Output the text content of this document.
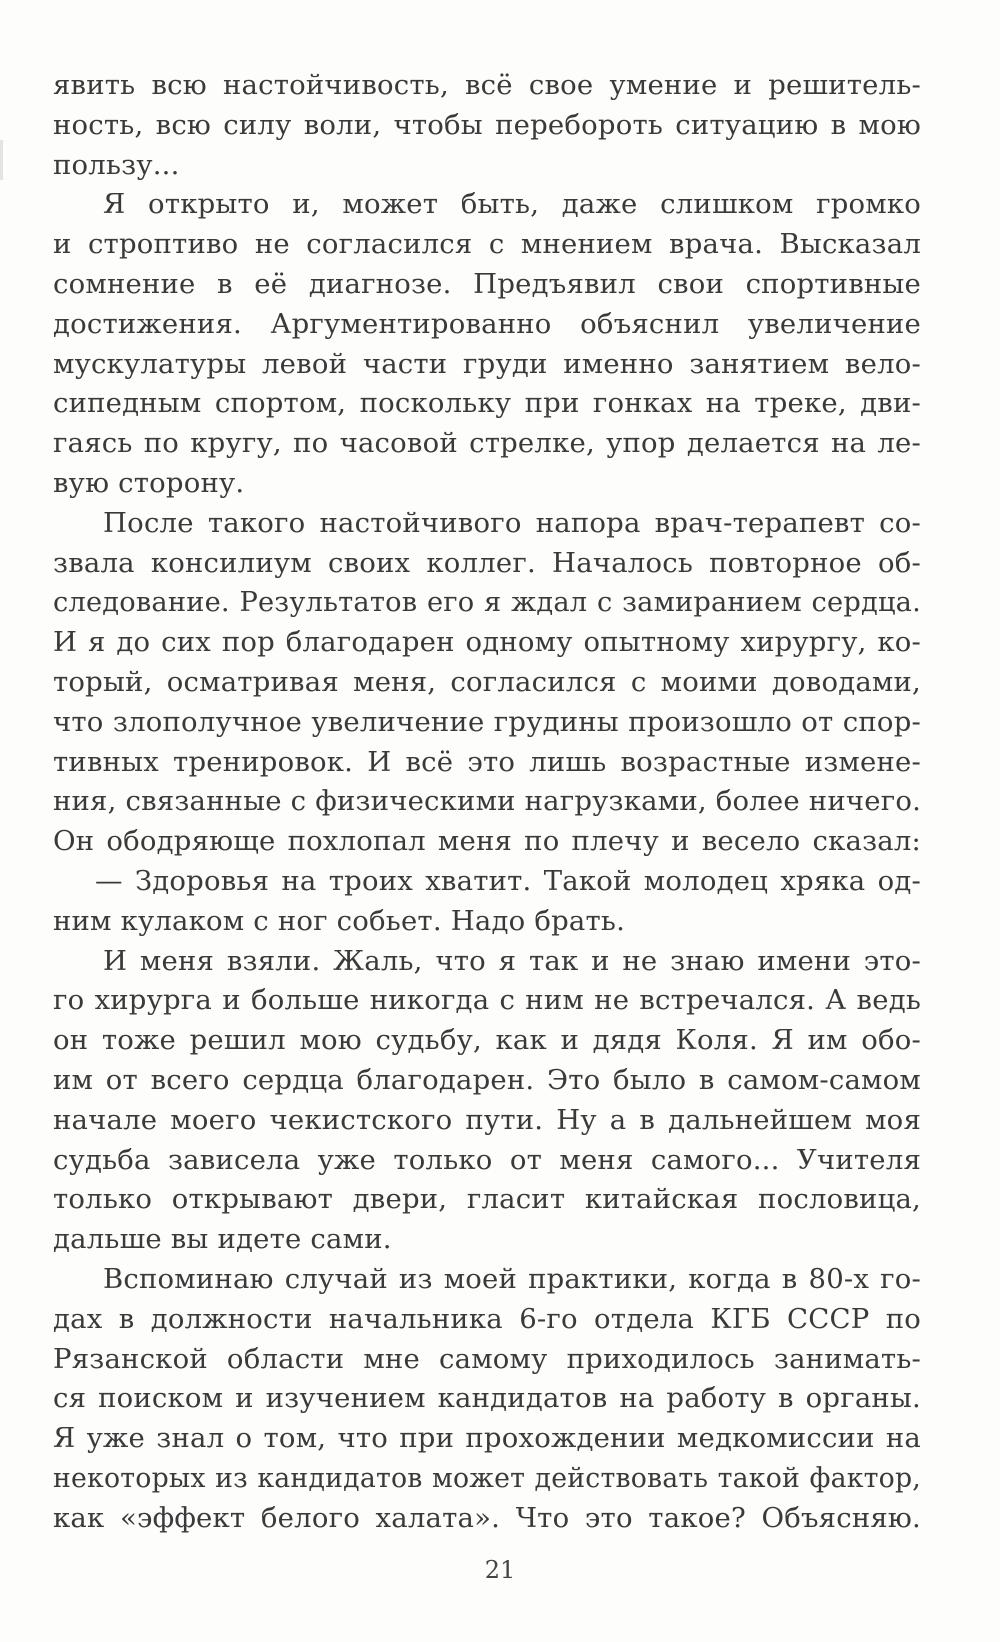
явить всю настойчивость, всё свое умение и решитель-
ность, всю силу воли, чтобы перебороть ситуацию в мою
пользу...
Я открыто и, может быть, даже слишком громко
и строптиво не согласился с мнением врача. Высказал
сомнение в её диагнозе. Предъявил свои спортивные
достижения. Аргументированно объяснил увеличение
мускулатуры левой части груди именно занятием вело-
сипедным спортом, поскольку при гонках на треке, дви-
гаясь по кругу, по часовой стрелке, упор делается на ле-
вую сторону.
После такого настойчивого напора врач-терапевт со-
звала консилиум своих коллег. Началось повторное об-
следование. Результатов его я ждал с замиранием сердца.
И я до сих пор благодарен одному опытному хирургу, ко-
торый, осматривая меня, согласился с моими доводами,
что злополучное увеличение грудины произошло от спор-
тивных тренировок. И всё это лишь возрастные измене-
ния, связанные с физическими нагрузками, более ничего.
Он ободряюще похлопал меня по плечу и весело сказал:
— Здоровья на троих хватит. Такой молодец хряка од-
ним кулаком с ног собьет. Надо брать.
И меня взяли. Жаль, что я так и не знаю имени это-
го хирурга и больше никогда с ним не встречался. А ведь
он тоже решил мою судьбу, как и дядя Коля. Я им обо-
им от всего сердца благодарен. Это было в самом-самом
начале моего чекистского пути. Ну а в дальнейшем моя
судьба зависела уже только от меня самого... Учителя
только открывают двери, гласит китайская пословица,
дальше вы идете сами.
Вспоминаю случай из моей практики, когда в 80-х го-
дах в должности начальника 6-го отдела КГБ СССР по
Рязанской области мне самому приходилось занимать-
ся поиском и изучением кандидатов на работу в органы.
Я уже знал о том, что при прохождении медкомиссии на
некоторых из кандидатов может действовать такой фактор,
как «эффект белого халата». Что это такое? Объясняю.
21
